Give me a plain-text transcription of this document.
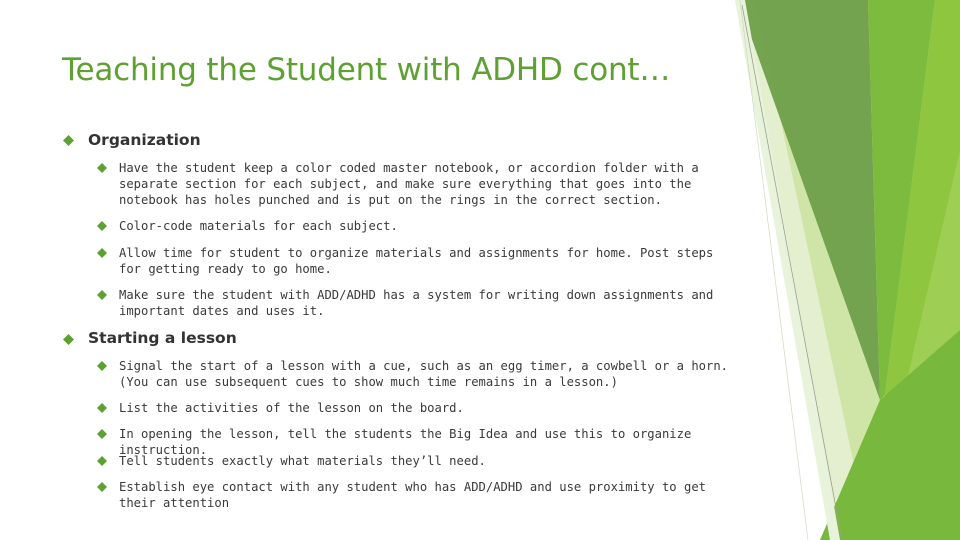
Teaching the Student with ADHD cont…
Organization
Have the student keep a color coded master notebook, or accordion folder with a separate section for each subject, and make sure everything that goes into the notebook has holes punched and is put on the rings in the correct section.
Color-code materials for each subject.
Allow time for student to organize materials and assignments for home. Post steps for getting ready to go home.
Make sure the student with ADD/ADHD has a system for writing down assignments and important dates and uses it.
Starting a lesson
Signal the start of a lesson with a cue, such as an egg timer, a cowbell or a horn. (You can use subsequent cues to show much time remains in a lesson.)
List the activities of the lesson on the board.
In opening the lesson, tell the students the Big Idea and use this to organize instruction.
Tell students exactly what materials they’ll need.
Establish eye contact with any student who has ADD/ADHD and use proximity to get their attention
